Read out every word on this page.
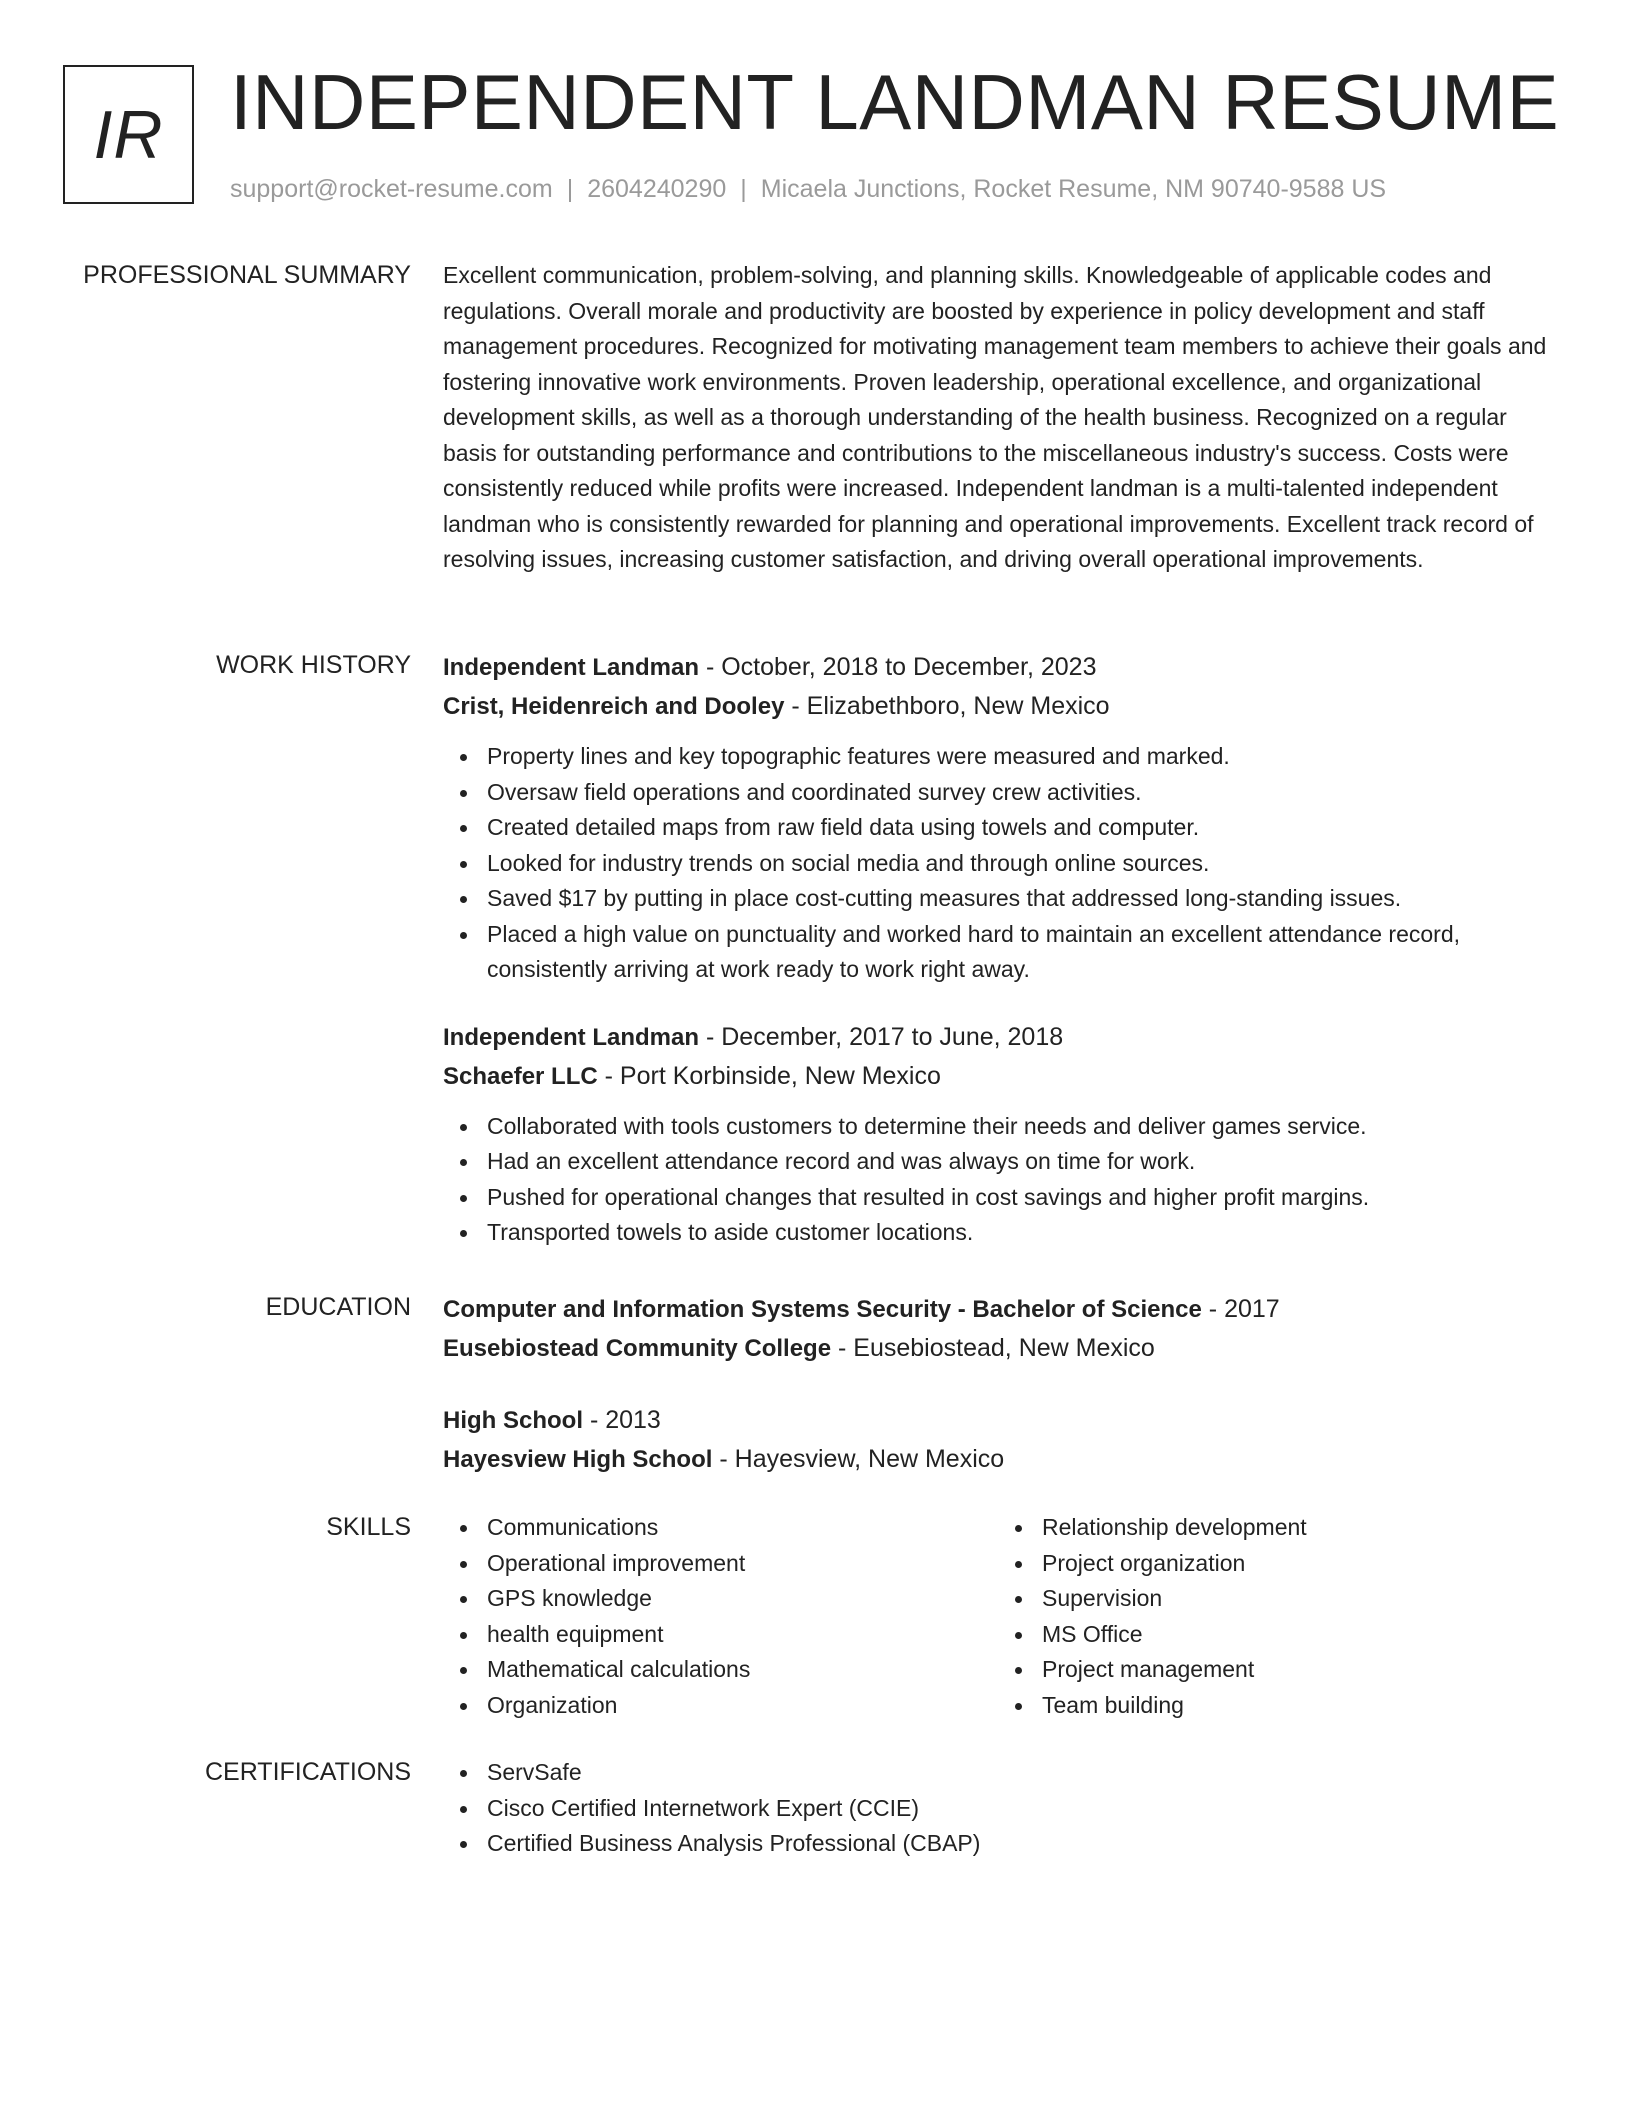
IR INDEPENDENT LANDMAN RESUME
support@rocket-resume.com | 2604240290 | Micaela Junctions, Rocket Resume, NM 90740-9588 US
PROFESSIONAL SUMMARY Excellent communication, problem-solving, and planning skills. Knowledgeable of applicable codes and regulations. Overall morale and productivity are boosted by experience in policy development and staff management procedures. Recognized for motivating management team members to achieve their goals and fostering innovative work environments. Proven leadership, operational excellence, and organizational development skills, as well as a thorough understanding of the health business. Recognized on a regular basis for outstanding performance and contributions to the miscellaneous industry's success. Costs were consistently reduced while profits were increased. Independent landman is a multi-talented independent landman who is consistently rewarded for planning and operational improvements. Excellent track record of resolving issues, increasing customer satisfaction, and driving overall operational improvements.

WORK HISTORY Independent Landman - October, 2018 to December, 2023
Crist, Heidenreich and Dooley - Elizabethboro, New Mexico
Property lines and key topographic features were measured and marked.
Oversaw field operations and coordinated survey crew activities.
Created detailed maps from raw field data using towels and computer.
Looked for industry trends on social media and through online sources.
Saved $17 by putting in place cost-cutting measures that addressed long-standing issues.
Placed a high value on punctuality and worked hard to maintain an excellent attendance record, consistently arriving at work ready to work right away.
Independent Landman - December, 2017 to June, 2018
Schaefer LLC - Port Korbinside, New Mexico
Collaborated with tools customers to determine their needs and deliver games service.
Had an excellent attendance record and was always on time for work.
Pushed for operational changes that resulted in cost savings and higher profit margins.
Transported towels to aside customer locations.
EDUCATION Computer and Information Systems Security - Bachelor of Science - 2017
Eusebiostead Community College - Eusebiostead, New Mexico
High School - 2013
Hayesview High School - Hayesview, New Mexico
SKILLS	Communications
Operational improvement
GPS knowledge
health equipment
Mathematical calculations
Organization
Relationship development
Project organization
Supervision
MS Office
Project management
Team building
CERTIFICATIONS	ServSafe
Cisco Certified Internetwork Expert (CCIE)
Certified Business Analysis Professional (CBAP)
